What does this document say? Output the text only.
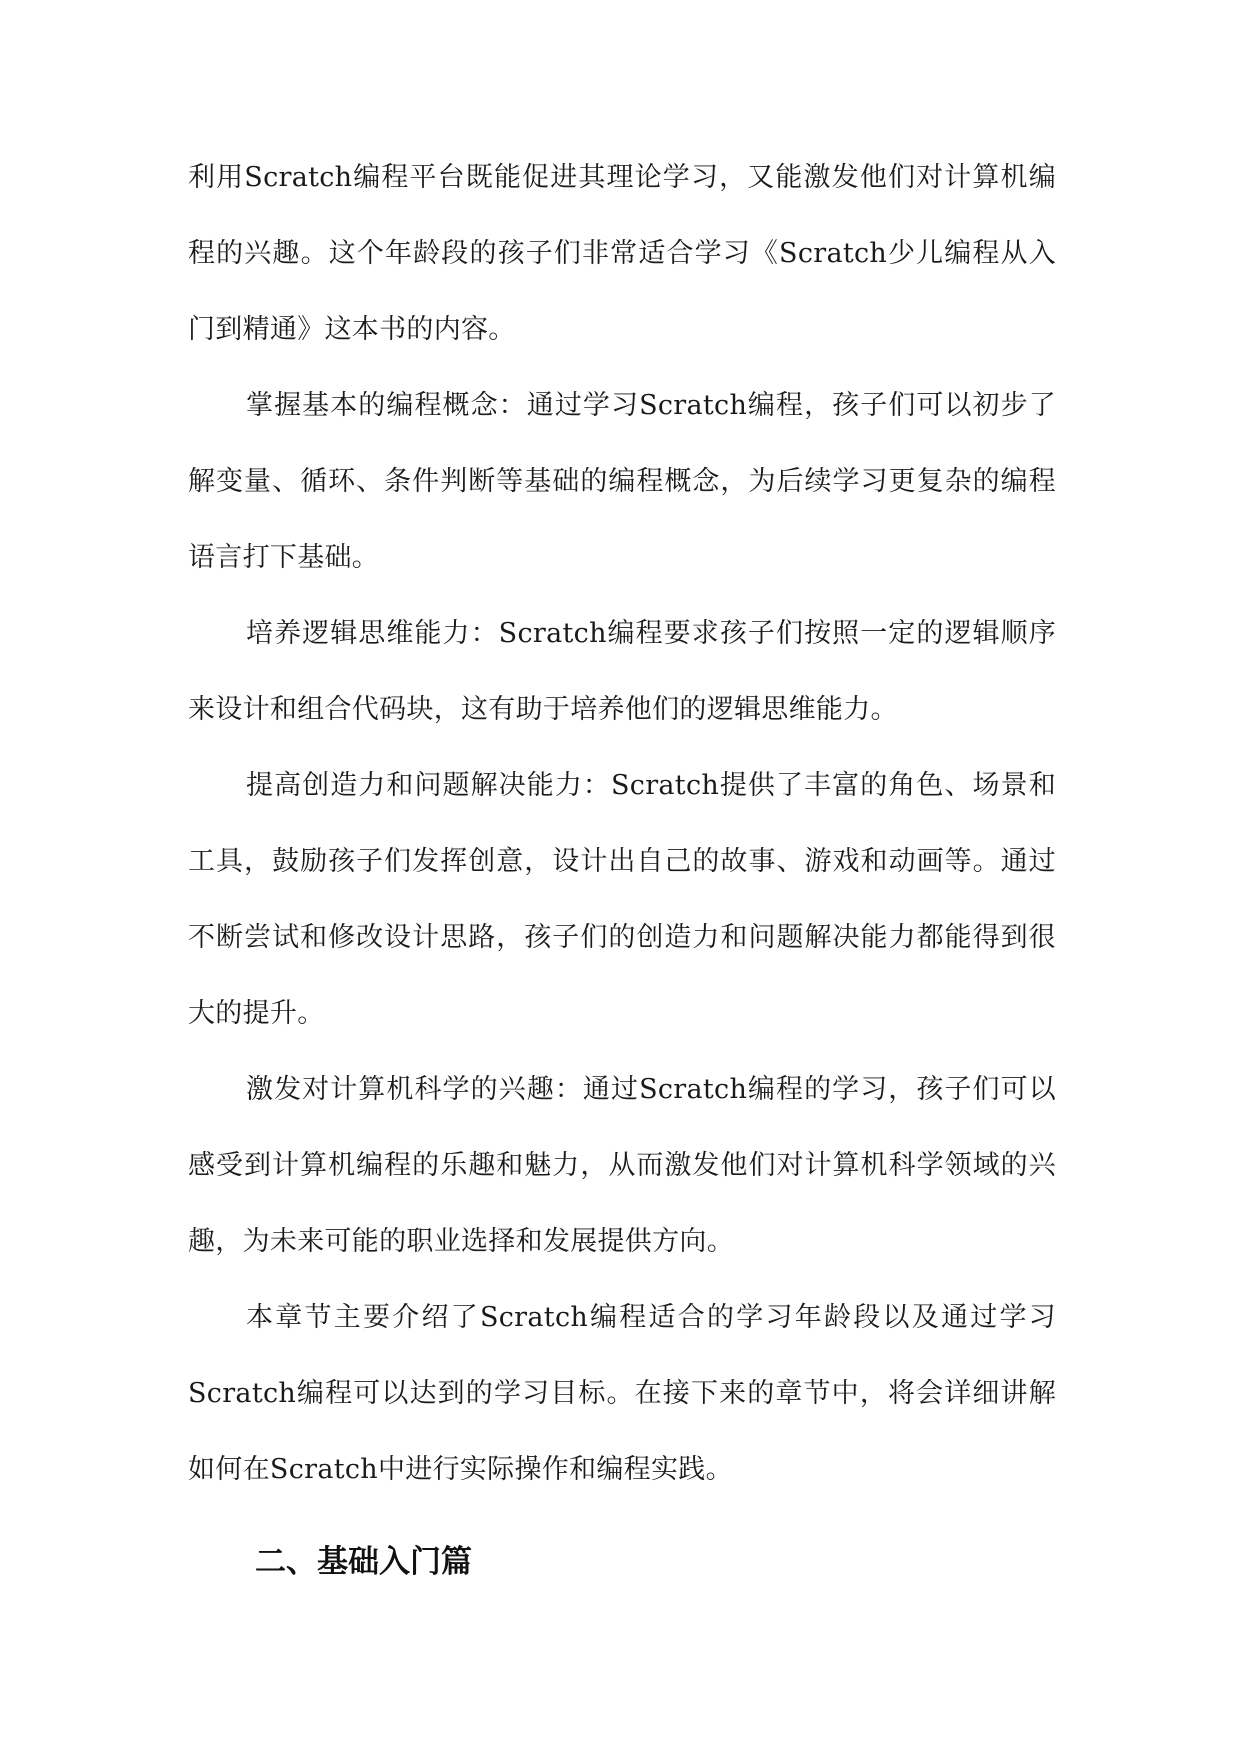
利用Scratch编程平台既能促进其理论学习，又能激发他们对计算机编程的兴趣。这个年龄段的孩子们非常适合学习《Scratch少儿编程从入门到精通》这本书的内容。

掌握基本的编程概念：通过学习Scratch编程，孩子们可以初步了解变量、循环、条件判断等基础的编程概念，为后续学习更复杂的编程语言打下基础。

培养逻辑思维能力：Scratch编程要求孩子们按照一定的逻辑顺序来设计和组合代码块，这有助于培养他们的逻辑思维能力。

提高创造力和问题解决能力：Scratch提供了丰富的角色、场景和工具，鼓励孩子们发挥创意，设计出自己的故事、游戏和动画等。通过不断尝试和修改设计思路，孩子们的创造力和问题解决能力都能得到很大的提升。

激发对计算机科学的兴趣：通过Scratch编程的学习，孩子们可以感受到计算机编程的乐趣和魅力，从而激发他们对计算机科学领域的兴趣，为未来可能的职业选择和发展提供方向。

本章节主要介绍了Scratch编程适合的学习年龄段以及通过学习Scratch编程可以达到的学习目标。在接下来的章节中，将会详细讲解如何在Scratch中进行实际操作和编程实践。

二、基础入门篇
